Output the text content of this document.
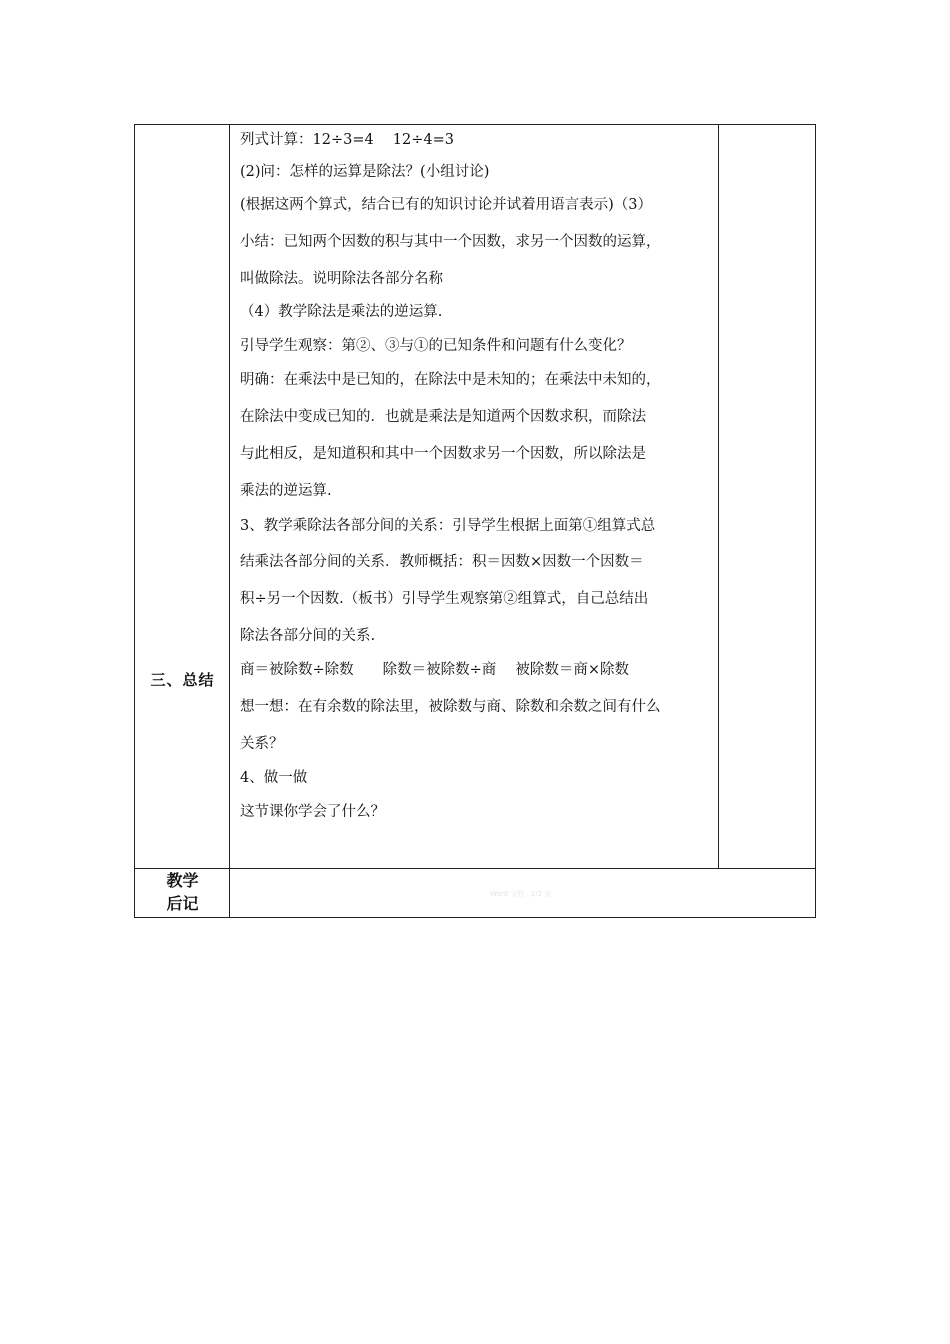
三、总结
列式计算：12÷3=4　 12÷4=3
(2)问：怎样的运算是除法？(小组讨论)
(根据这两个算式，结合已有的知识讨论并试着用语言表示)（3）
小结：已知两个因数的积与其中一个因数，求另一个因数的运算，
叫做除法。说明除法各部分名称
（4）教学除法是乘法的逆运算.
引导学生观察：第②、③与①的已知条件和问题有什么变化？
明确：在乘法中是已知的，在除法中是未知的；在乘法中未知的，
在除法中变成已知的．也就是乘法是知道两个因数求积，而除法
与此相反，是知道积和其中一个因数求另一个因数，所以除法是
乘法的逆运算.
3、教学乘除法各部分间的关系：引导学生根据上面第①组算式总
结乘法各部分间的关系．教师概括：积＝因数×因数一个因数＝
积÷另一个因数.（板书）引导学生观察第②组算式，自己总结出
除法各部分间的关系.
商＝被除数÷除数　　除数＝被除数÷商　 被除数＝商×除数
想一想：在有余数的除法里，被除数与商、除数和余数之间有什么
关系？
4、做一做
这节课你学会了什么？
教学
后记	Word 文档 · 1/2 页
